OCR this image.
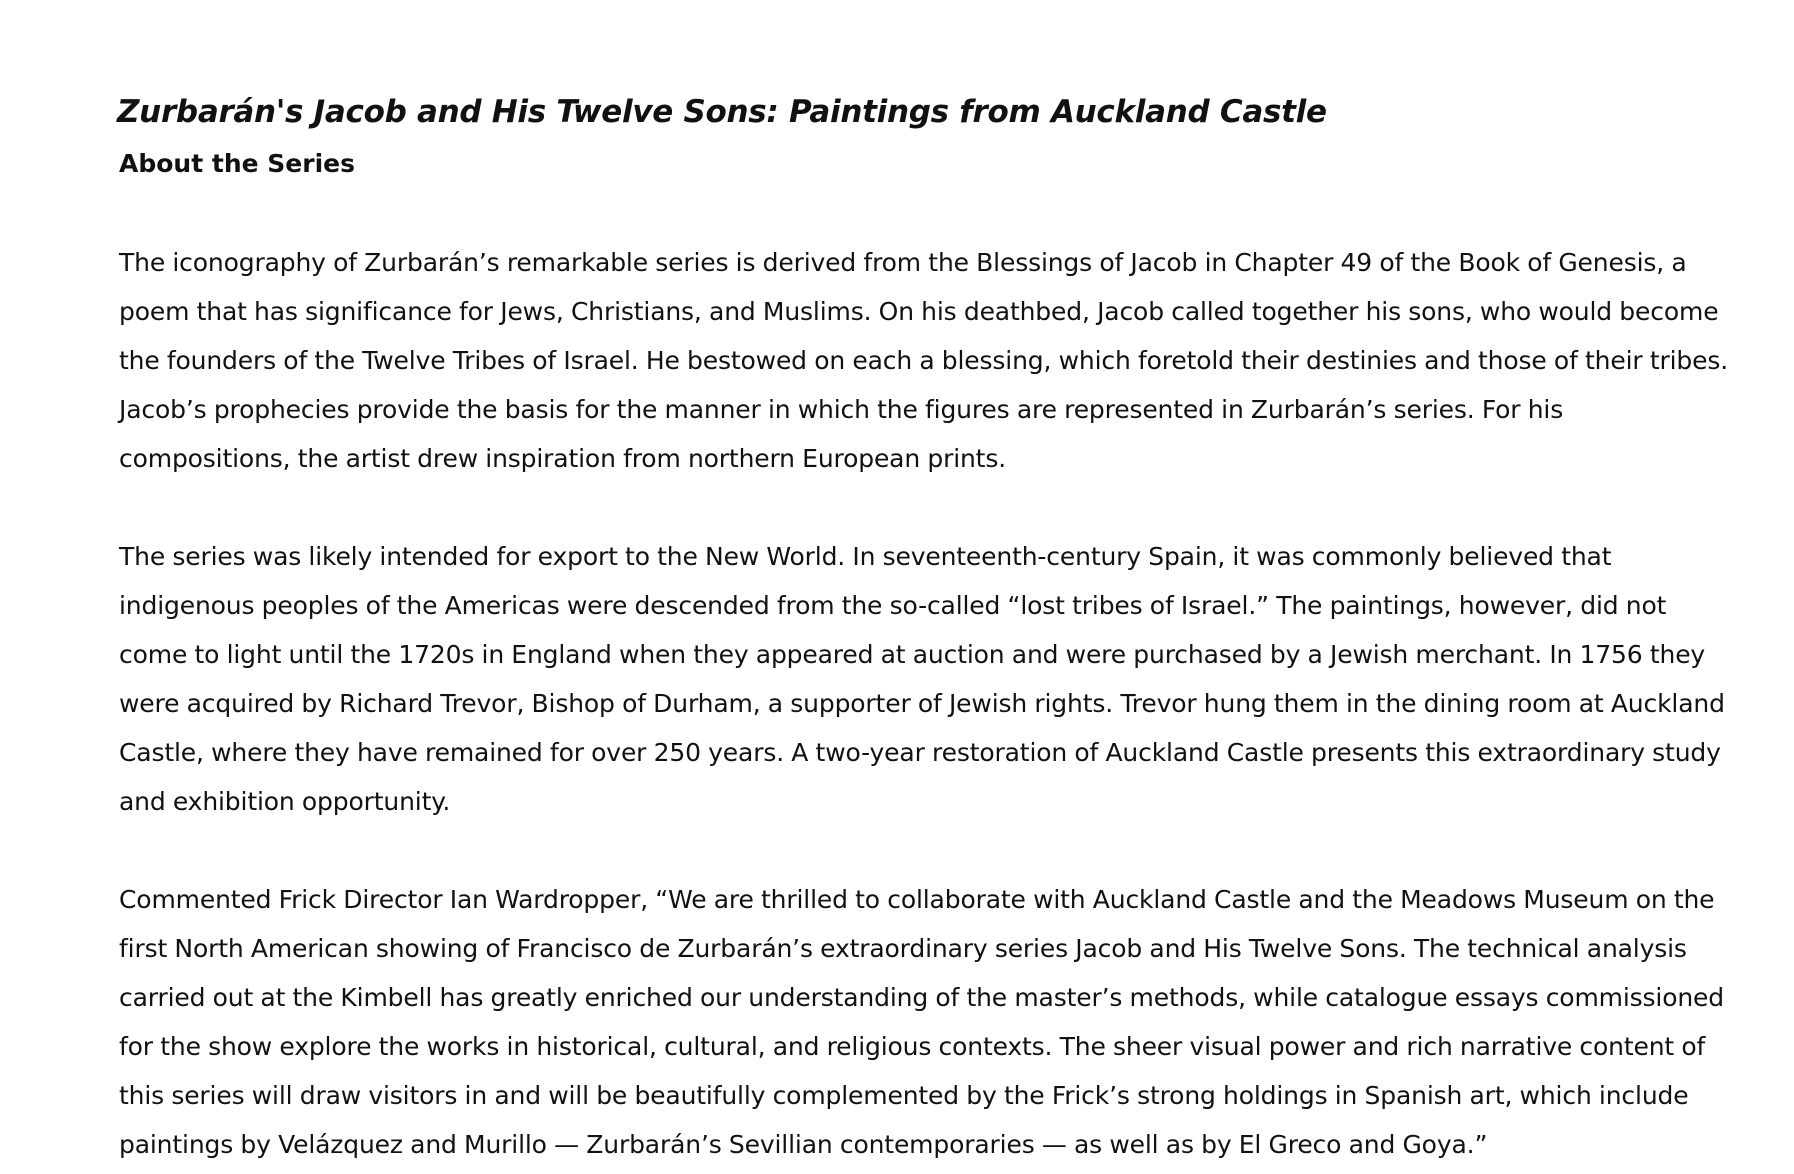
Zurbarán's Jacob and His Twelve Sons: Paintings from Auckland Castle
About the Series

The iconography of Zurbarán’s remarkable series is derived from the Blessings of Jacob in Chapter 49 of the Book of Genesis, a poem that has significance for Jews, Christians, and Muslims. On his deathbed, Jacob called together his sons, who would become the founders of the Twelve Tribes of Israel. He bestowed on each a blessing, which foretold their destinies and those of their tribes. Jacob’s prophecies provide the basis for the manner in which the figures are represented in Zurbarán’s series. For his compositions, the artist drew inspiration from northern European prints.

The series was likely intended for export to the New World. In seventeenth-century Spain, it was commonly believed that indigenous peoples of the Americas were descended from the so-called “lost tribes of Israel.” The paintings, however, did not come to light until the 1720s in England when they appeared at auction and were purchased by a Jewish merchant. In 1756 they were acquired by Richard Trevor, Bishop of Durham, a supporter of Jewish rights. Trevor hung them in the dining room at Auckland Castle, where they have remained for over 250 years. A two-year restoration of Auckland Castle presents this extraordinary study and exhibition opportunity.

Commented Frick Director Ian Wardropper, “We are thrilled to collaborate with Auckland Castle and the Meadows Museum on the first North American showing of Francisco de Zurbarán’s extraordinary series Jacob and His Twelve Sons. The technical analysis carried out at the Kimbell has greatly enriched our understanding of the master’s methods, while catalogue essays commissioned for the show explore the works in historical, cultural, and religious contexts. The sheer visual power and rich narrative content of this series will draw visitors in and will be beautifully complemented by the Frick’s strong holdings in Spanish art, which include paintings by Velázquez and Murillo — Zurbarán’s Sevillian contemporaries — as well as by El Greco and Goya.”
